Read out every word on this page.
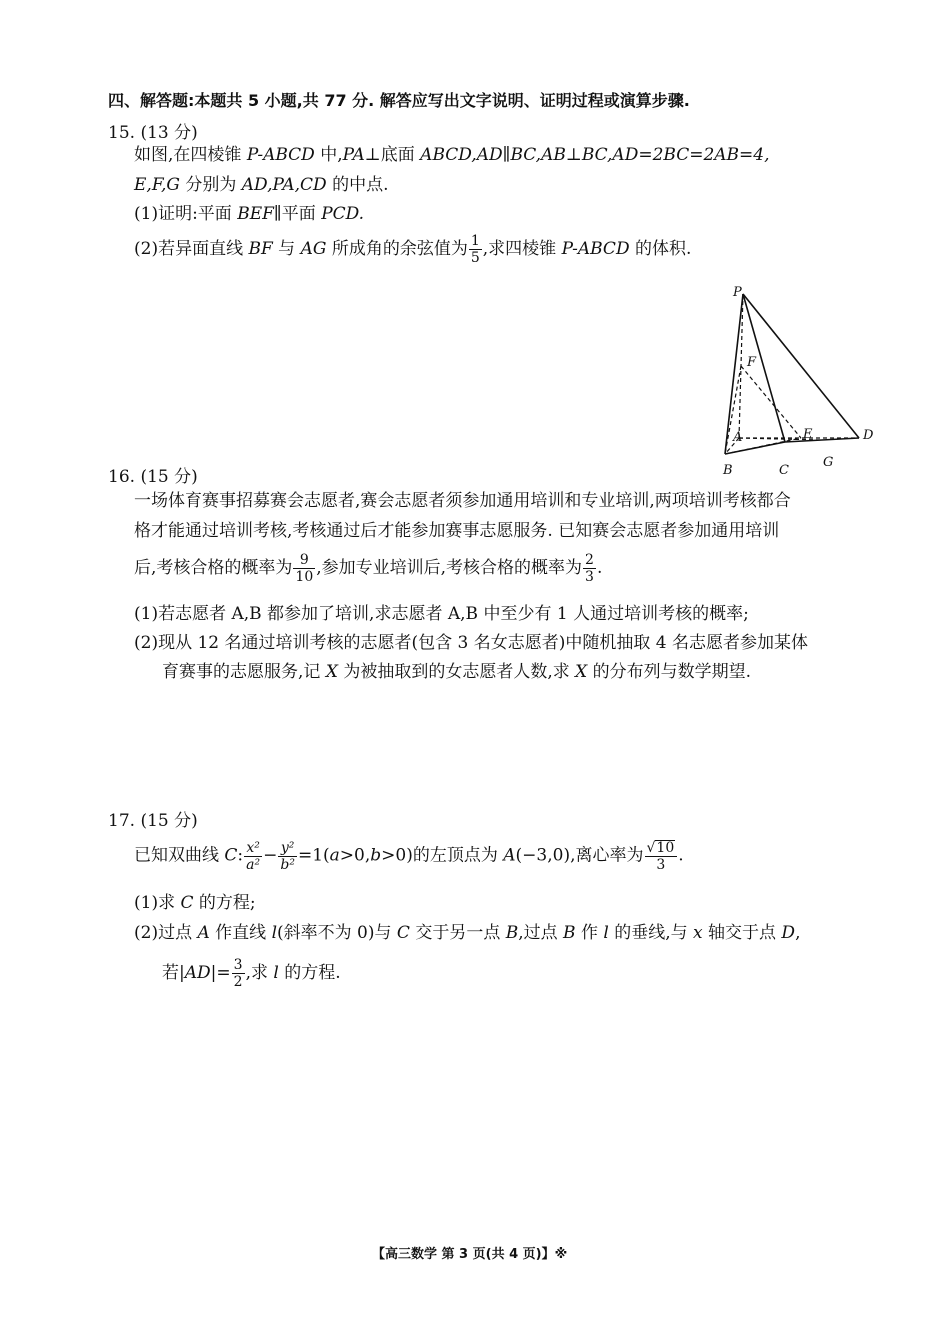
四、解答题:本题共 5 小题,共 77 分. 解答应写出文字说明、证明过程或演算步骤.
15. (13 分)
如图,在四棱锥 P-ABCD 中,PA⊥底面 ABCD,AD∥BC,AB⊥BC,AD=2BC=2AB=4,
E,F,G 分别为 AD,PA,CD 的中点.
(1)证明:平面 BEF∥平面 PCD.
(2)若异面直线 BF 与 AG 所成角的余弦值为 $\frac{1}{5}$ ,求四棱锥 P-ABCD 的体积.
P
F
A	E	D
B	C
G
16. (15 分)
一场体育赛事招募赛会志愿者,赛会志愿者须参加通用培训和专业培训,两项培训考核都合
格才能通过培训考核,考核通过后才能参加赛事志愿服务. 已知赛会志愿者参加通用培训
后,考核合格的概率为 $\frac{9}{10}$ ,参加专业培训后,考核合格的概率为 $\frac{2}{3}$ .
(1)若志愿者 A,B 都参加了培训,求志愿者 A,B 中至少有 1 人通过培训考核的概率;
(2)现从 12 名通过培训考核的志愿者(包含 3 名女志愿者)中随机抽取 4 名志愿者参加某体
育赛事的志愿服务,记 X 为被抽取到的女志愿者人数,求 X 的分布列与数学期望.
17. (15 分)
已知双曲线 C: $\frac{\text{x²}}{\text{a²}} - \frac{\text{y²}}{\text{b²}} =1(a>0,b>0)$的左顶点为 A(−3,0),离心率为 $\frac{√10}{3}$ .
(1)求 C 的方程;
(2)过点 A 作直线 l(斜率不为 0)与 C 交于另一点 B,过点 B 作 l 的垂线,与 x 轴交于点 D,
若$|AD|= \frac{3}{2}$ ,求 l 的方程.
【高三数学 第 3 页(共 4 页)】※
